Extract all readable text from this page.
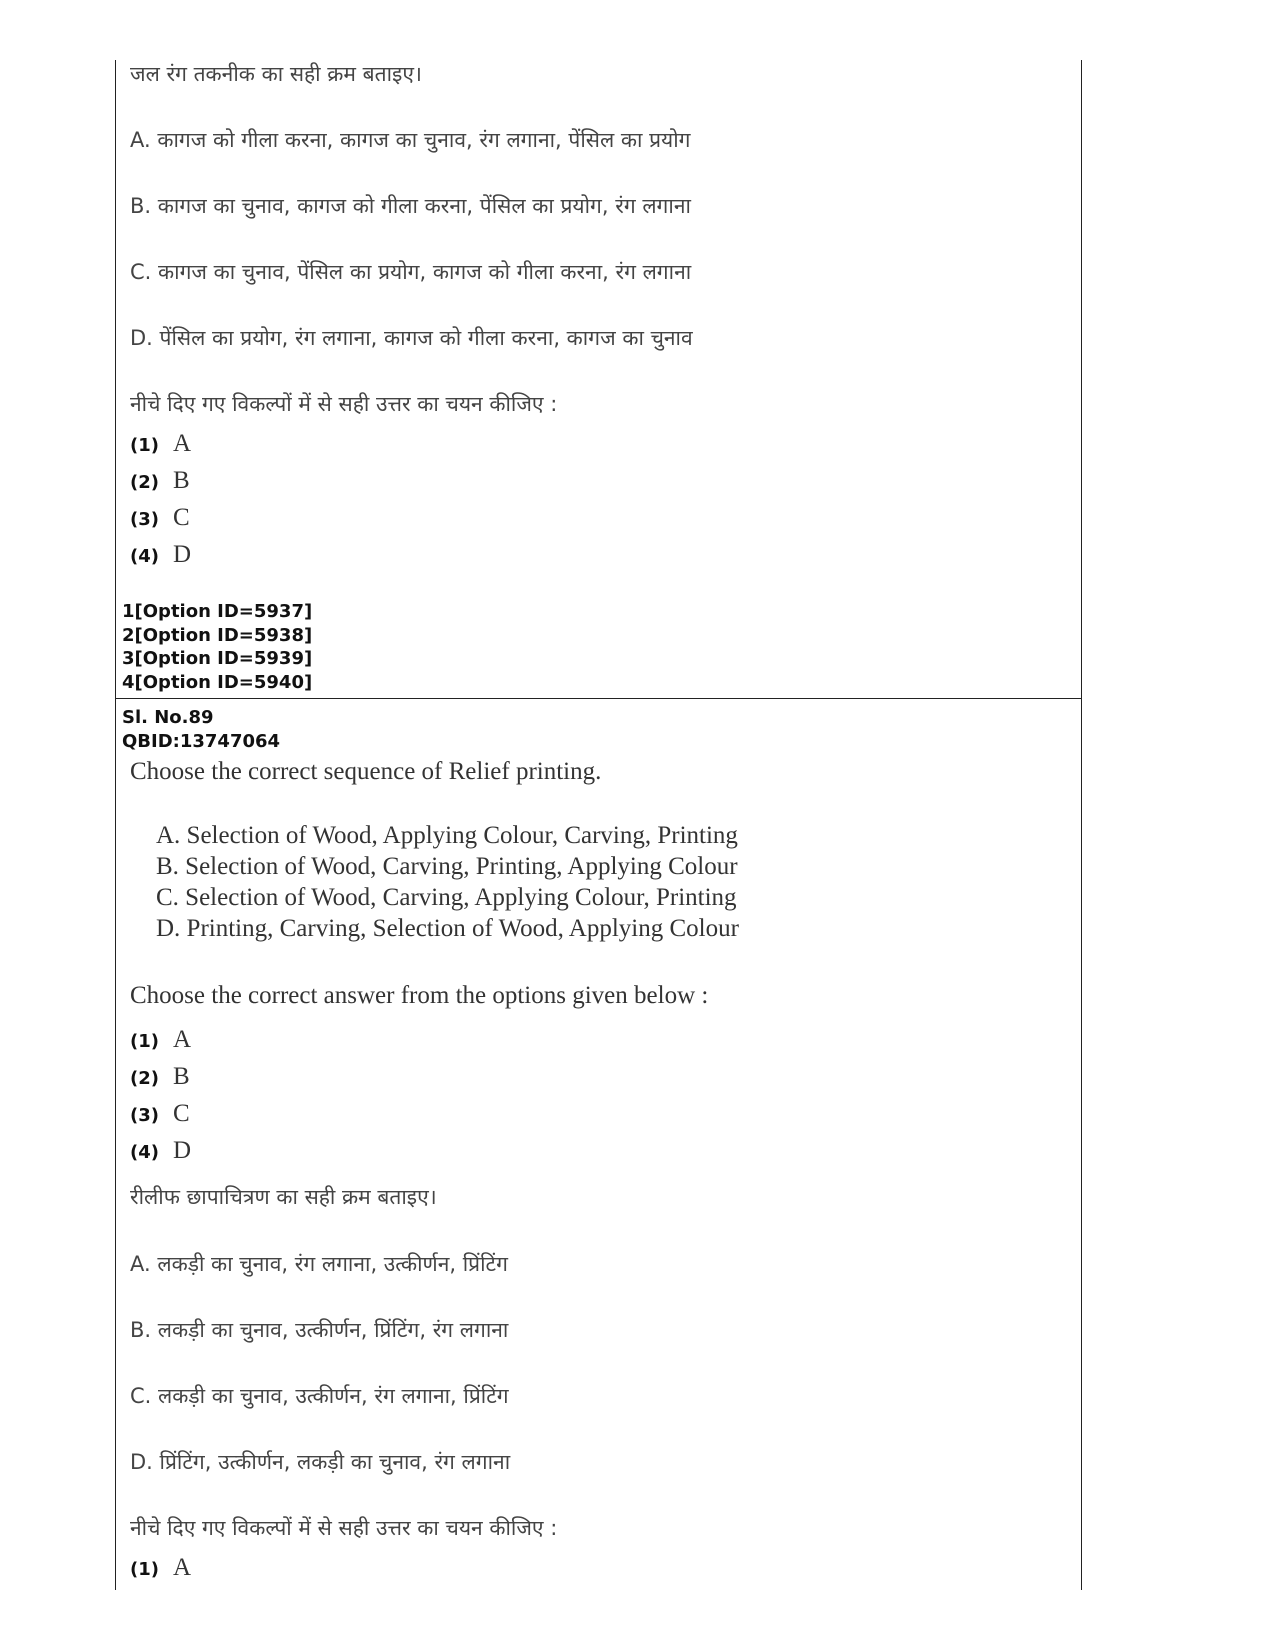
जल रंग तकनीक का सही क्रम बताइए।
A. कागज को गीला करना, कागज का चुनाव, रंग लगाना, पेंसिल का प्रयोग
B. कागज का चुनाव, कागज को गीला करना, पेंसिल का प्रयोग, रंग लगाना
C. कागज का चुनाव, पेंसिल का प्रयोग, कागज को गीला करना, रंग लगाना
D. पेंसिल का प्रयोग, रंग लगाना, कागज को गीला करना, कागज का चुनाव
नीचे दिए गए विकल्पों में से सही उत्तर का चयन कीजिए :
(1) A
(2) B
(3) C
(4) D
1[Option ID=5937]
2[Option ID=5938]
3[Option ID=5939]
4[Option ID=5940]
Sl. No.89
QBID:13747064
Choose the correct sequence of Relief printing.
A. Selection of Wood, Applying Colour, Carving, Printing
B. Selection of Wood, Carving, Printing, Applying Colour
C. Selection of Wood, Carving, Applying Colour, Printing
D. Printing, Carving, Selection of Wood, Applying Colour
Choose the correct answer from the options given below :
(1) A
(2) B
(3) C
(4) D
रीलीफ छापाचित्रण का सही क्रम बताइए।
A. लकड़ी का चुनाव, रंग लगाना, उत्कीर्णन, प्रिंटिंग
B. लकड़ी का चुनाव, उत्कीर्णन, प्रिंटिंग, रंग लगाना
C. लकड़ी का चुनाव, उत्कीर्णन, रंग लगाना, प्रिंटिंग
D. प्रिंटिंग, उत्कीर्णन, लकड़ी का चुनाव, रंग लगाना
नीचे दिए गए विकल्पों में से सही उत्तर का चयन कीजिए :
(1) A
